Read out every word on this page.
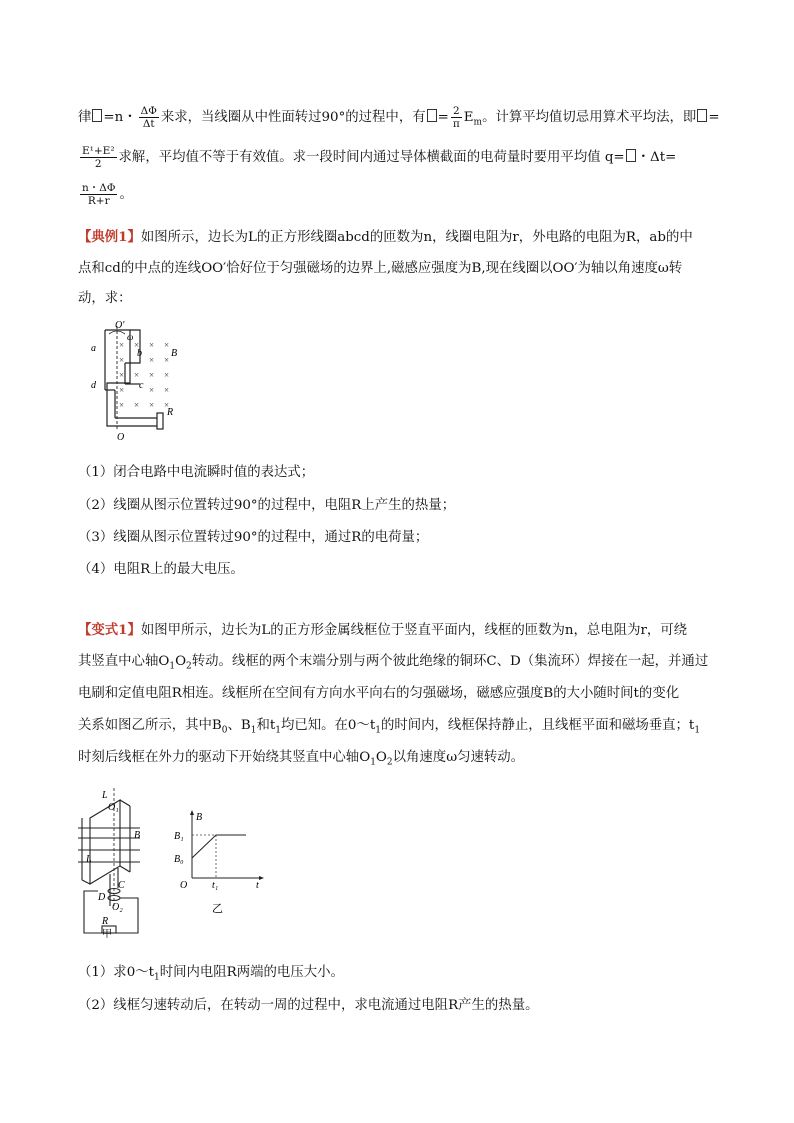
律 =n・ $\frac{\Delta\Phi}{\Delta t}$ 来求，当线圈从中性面转过90°的过程中，有 = $\frac{2}{\pi} E_m$。计算平均值切忌用算术平均法，即 =
$\frac{\text{E¹+E²}}{2}$ 求解，平均值不等于有效值。求一段时间内通过导体横截面的电荷量时要用平均值 q= ・Δt=
$\frac{n・\Delta\Phi}{R+r}$ 。
【典例1】如图所示，边长为L的正方形线圈abcd的匝数为n，线圈电阻为r，外电路的电阻为R，ab的中
点和cd的中点的连线OO′恰好位于匀强磁场的边界上,磁感应强度为B,现在线圈以OO′为轴以角速度ω转
动，求：
O′
ω
a	b	B
d	c
R
O
× × × ×
×	× ×
× × × ×
×	× ×
× × × ×
（1）闭合电路中电流瞬时值的表达式；
（2）线圈从图示位置转过90°的过程中，电阻R上产生的热量；
（3）线圈从图示位置转过90°的过程中，通过R的电荷量；
（4）电阻R上的最大电压。
【变式1】如图甲所示，边长为L的正方形金属线框位于竖直平面内，线框的匝数为n，总电阻为r，可绕
其竖直中心轴$O_1O_2$转动。线框的两个末端分别与两个彼此绝缘的铜环C、D（集流环）焊接在一起，并通过
电刷和定值电阻R相连。线框所在空间有方向水平向右的匀强磁场，磁感应强度B的大小随时间t的变化
关系如图乙所示，其中$B_0$、$B_1$和$t_1$均已知。在$0\sim t_1$的时间内，线框保持静止，且线框平面和磁场垂直；$t_1$
时刻后线框在外力的驱动下开始绕其竖直中心轴$O_1O_2$以角速度ω匀速转动。
L
O₁
B
L
C
D
O₂
R
甲
B
B₁
B₀
O t₁	t
乙
（1）求$0\sim t_1$时间内电阻R两端的电压大小。
（2）线框匀速转动后，在转动一周的过程中，求电流通过电阻R产生的热量。
